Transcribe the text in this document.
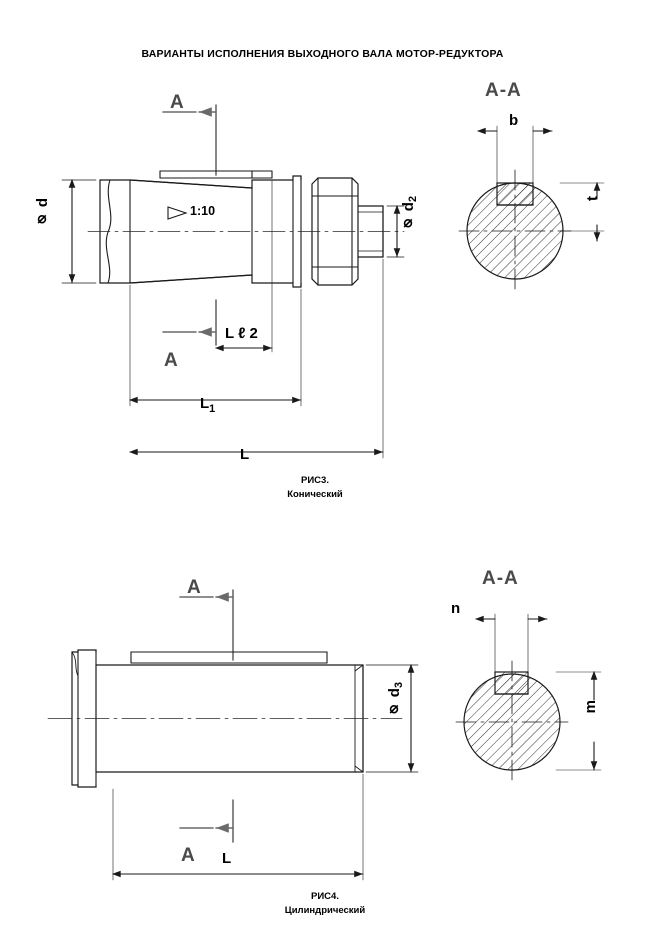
ВАРИАНТЫ ИСПОЛНЕНИЯ ВЫХОДНОГО ВАЛА МОТОР-РЕДУКТОРА
A
A
1:10
⌀ d	⌀ $d_2$
L ℓ 2
$L_1$
L
A-A
b
t
РИС3.
Конический
A
A
⌀ $d_3$
L
A-A
n
m
РИС4.
Цилиндрический
